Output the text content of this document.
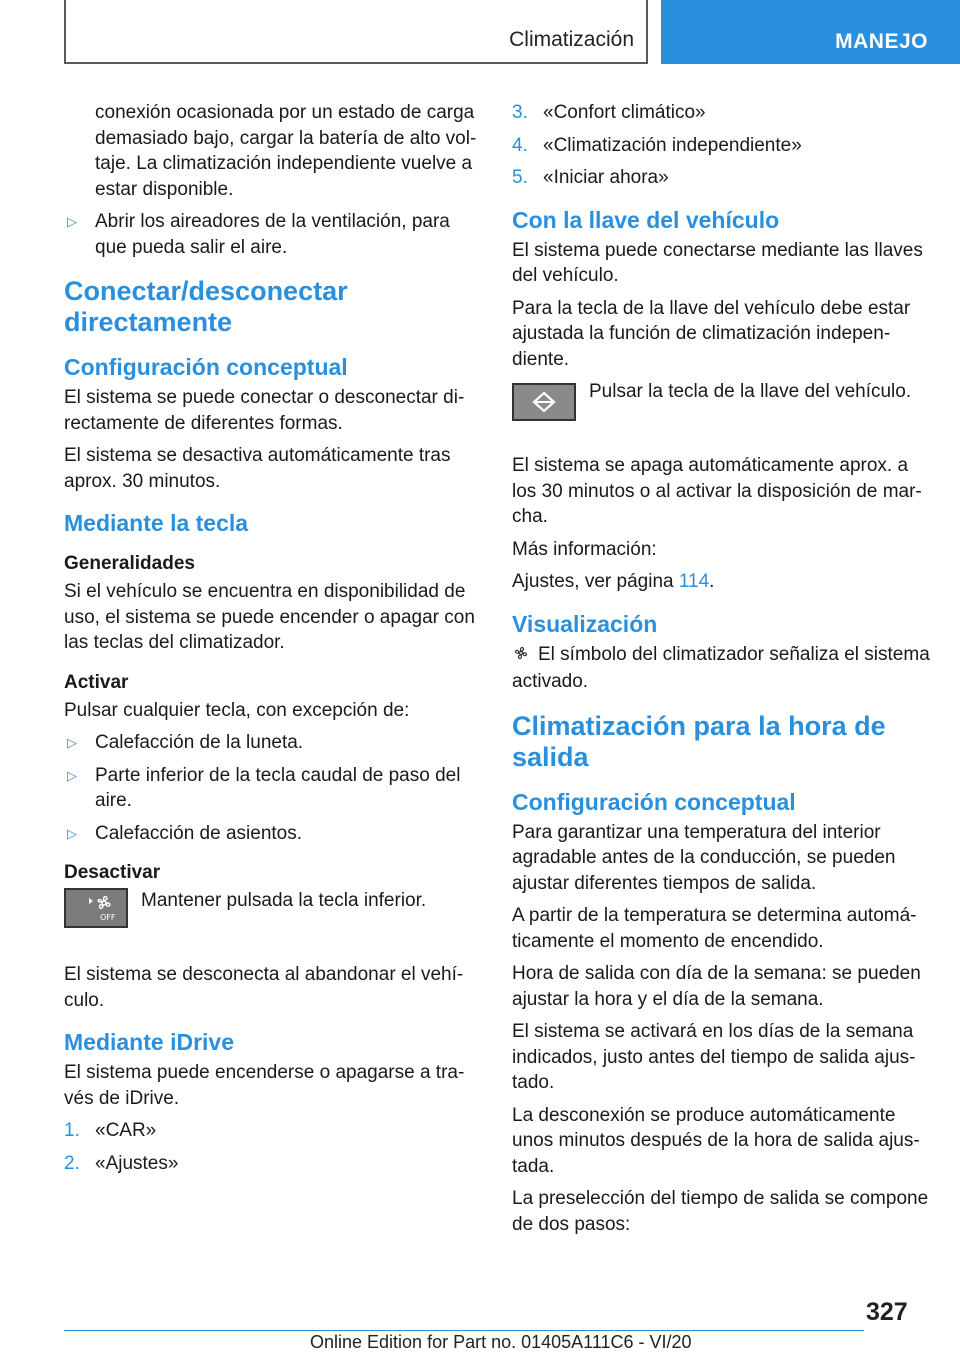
Climatización	MANEJO

conexión ocasionada por un estado de carga demasiado bajo, cargar la batería de alto voltaje. La climatización independiente vuelve a estar disponible.

▷ Abrir los aireadores de la ventilación, para que pueda salir el aire.
Conectar/desconectar directamente
Configuración conceptual

El sistema se puede conectar o desconectar directamente de diferentes formas.

El sistema se desactiva automáticamente tras aprox. 30 minutos.

Mediante la tecla
Generalidades

Si el vehículo se encuentra en disponibilidad de uso, el sistema se puede encender o apagar con las teclas del climatizador.

Activar

Pulsar cualquier tecla, con excepción de:

▷ Calefacción de la luneta.
▷ Parte inferior de la tecla caudal de paso del aire.
▷ Calefacción de asientos.
Desactivar
OFF

Mantener pulsada la tecla inferior.

El sistema se desconecta al abandonar el vehículo.

Mediante iDrive

El sistema puede encenderse o apagarse a través de iDrive.

1. «CAR»
2. «Ajustes»
3. «Confort climático»
4. «Climatización independiente»
5. «Iniciar ahora»
Con la llave del vehículo

El sistema puede conectarse mediante las llaves del vehículo.

Para la tecla de la llave del vehículo debe estar ajustada la función de climatización independiente.

Pulsar la tecla de la llave del vehículo.

El sistema se apaga automáticamente aprox. a los 30 minutos o al activar la disposición de marcha.

Más información:

Ajustes, ver página 114.

Visualización

El símbolo del climatizador señaliza el sistema activado.

Climatización para la hora de salida
Configuración conceptual

Para garantizar una temperatura del interior agradable antes de la conducción, se pueden ajustar diferentes tiempos de salida.

A partir de la temperatura se determina automáticamente el momento de encendido.

Hora de salida con día de la semana: se pueden ajustar la hora y el día de la semana.

El sistema se activará en los días de la semana indicados, justo antes del tiempo de salida ajustado.

La desconexión se produce automáticamente unos minutos después de la hora de salida ajustada.

La preselección del tiempo de salida se compone de dos pasos:

327
Online Edition for Part no. 01405A111C6 - VI/20
